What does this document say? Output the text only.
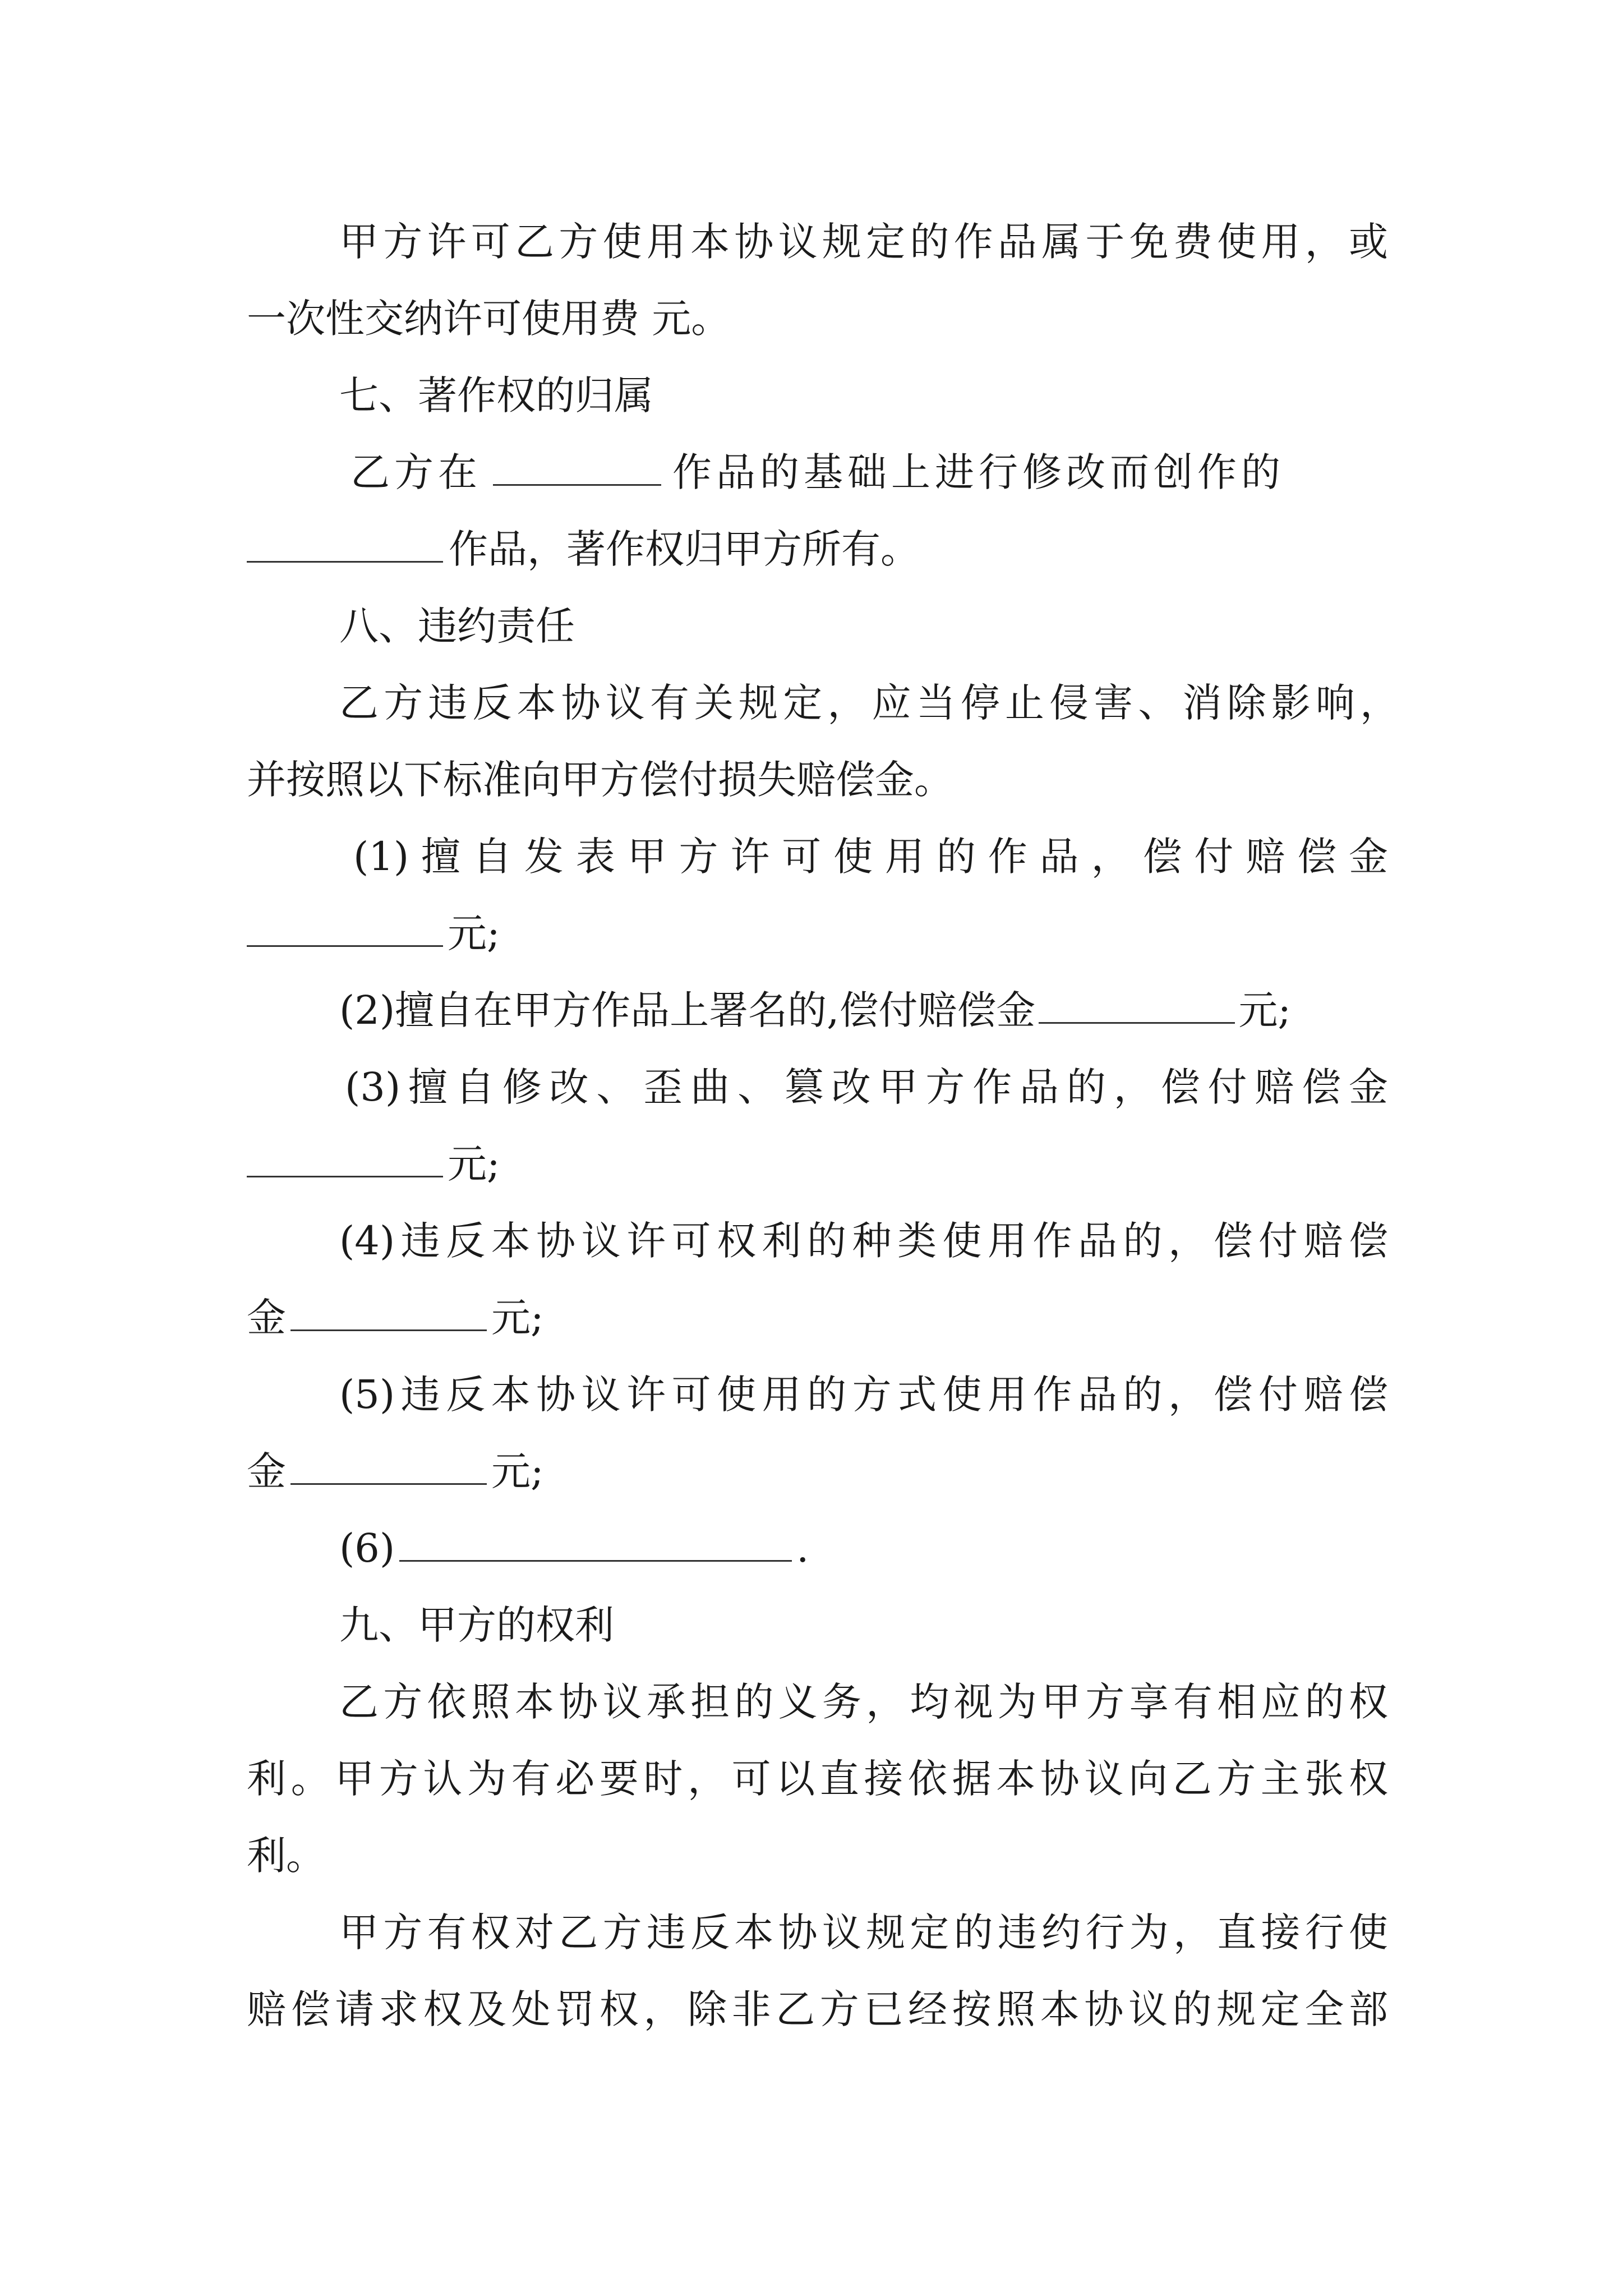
甲方许可乙方使用本协议规定的作品属于免费使用，或
一次性交纳许可使用费 元。
七、著作权的归属
乙方在	作品的基础上进行修改而创作的
作品，著作权归甲方所有。
八、违约责任
乙方违反本协议有关规定，应当停止侵害、消除影响，
并按照以下标准向甲方偿付损失赔偿金。
(1)擅自发表甲方许可使用的作品，偿付赔偿金
元;
(2)擅自在甲方作品上署名的,偿付赔偿金	元;
(3)擅自修改、歪曲、篡改甲方作品的，偿付赔偿金
元;
(4)违反本协议许可权利的种类使用作品的，偿付赔偿
金	元;
(5)违反本协议许可使用的方式使用作品的，偿付赔偿
金	元;
(6)	.
九、甲方的权利
乙方依照本协议承担的义务，均视为甲方享有相应的权
利。甲方认为有必要时，可以直接依据本协议向乙方主张权
利。
甲方有权对乙方违反本协议规定的违约行为，直接行使
赔偿请求权及处罚权，除非乙方已经按照本协议的规定全部
